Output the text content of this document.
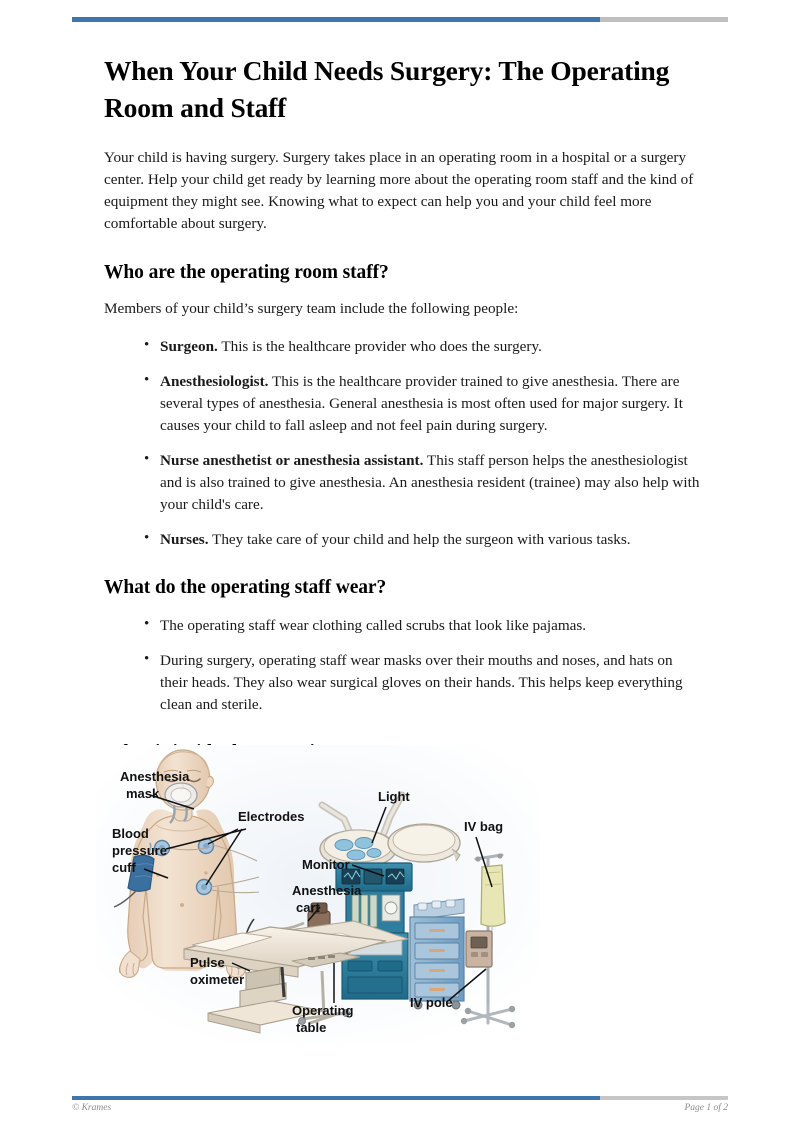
When Your Child Needs Surgery: The Operating Room and Staff

Your child is having surgery. Surgery takes place in an operating room in a hospital or a surgery center. Help your child get ready by learning more about the operating room staff and the kind of equipment they might see. Knowing what to expect can help you and your child feel more comfortable about surgery.

Who are the operating room staff?

Members of your child’s surgery team include the following people:

• Surgeon. This is the healthcare provider who does the surgery.
• Anesthesiologist. This is the healthcare provider trained to give anesthesia. There are several types of anesthesia. General anesthesia is most often used for major surgery. It causes your child to fall asleep and not feel pain during surgery.
• Nurse anesthetist or anesthesia assistant. This staff person helps the anesthesiologist and is also trained to give anesthesia. An anesthesia resident (trainee) may also help with your child's care.
• Nurses. They take care of your child and help the surgeon with various tasks.
What do the operating staff wear?
• The operating staff wear clothing called scrubs that look like pajamas.
• During surgery, operating staff wear masks over their mouths and noses, and hats on their heads. They also wear surgical gloves on their hands. This helps keep everything clean and sterile.
Anesthesia
mask
Blood
pressure
cuff
Electrodes
Pulse
oximeter
Light
IV bag
Monitor
Anesthesia
cart
Operating
table
IV pole
© Krames	Page 1 of 2
